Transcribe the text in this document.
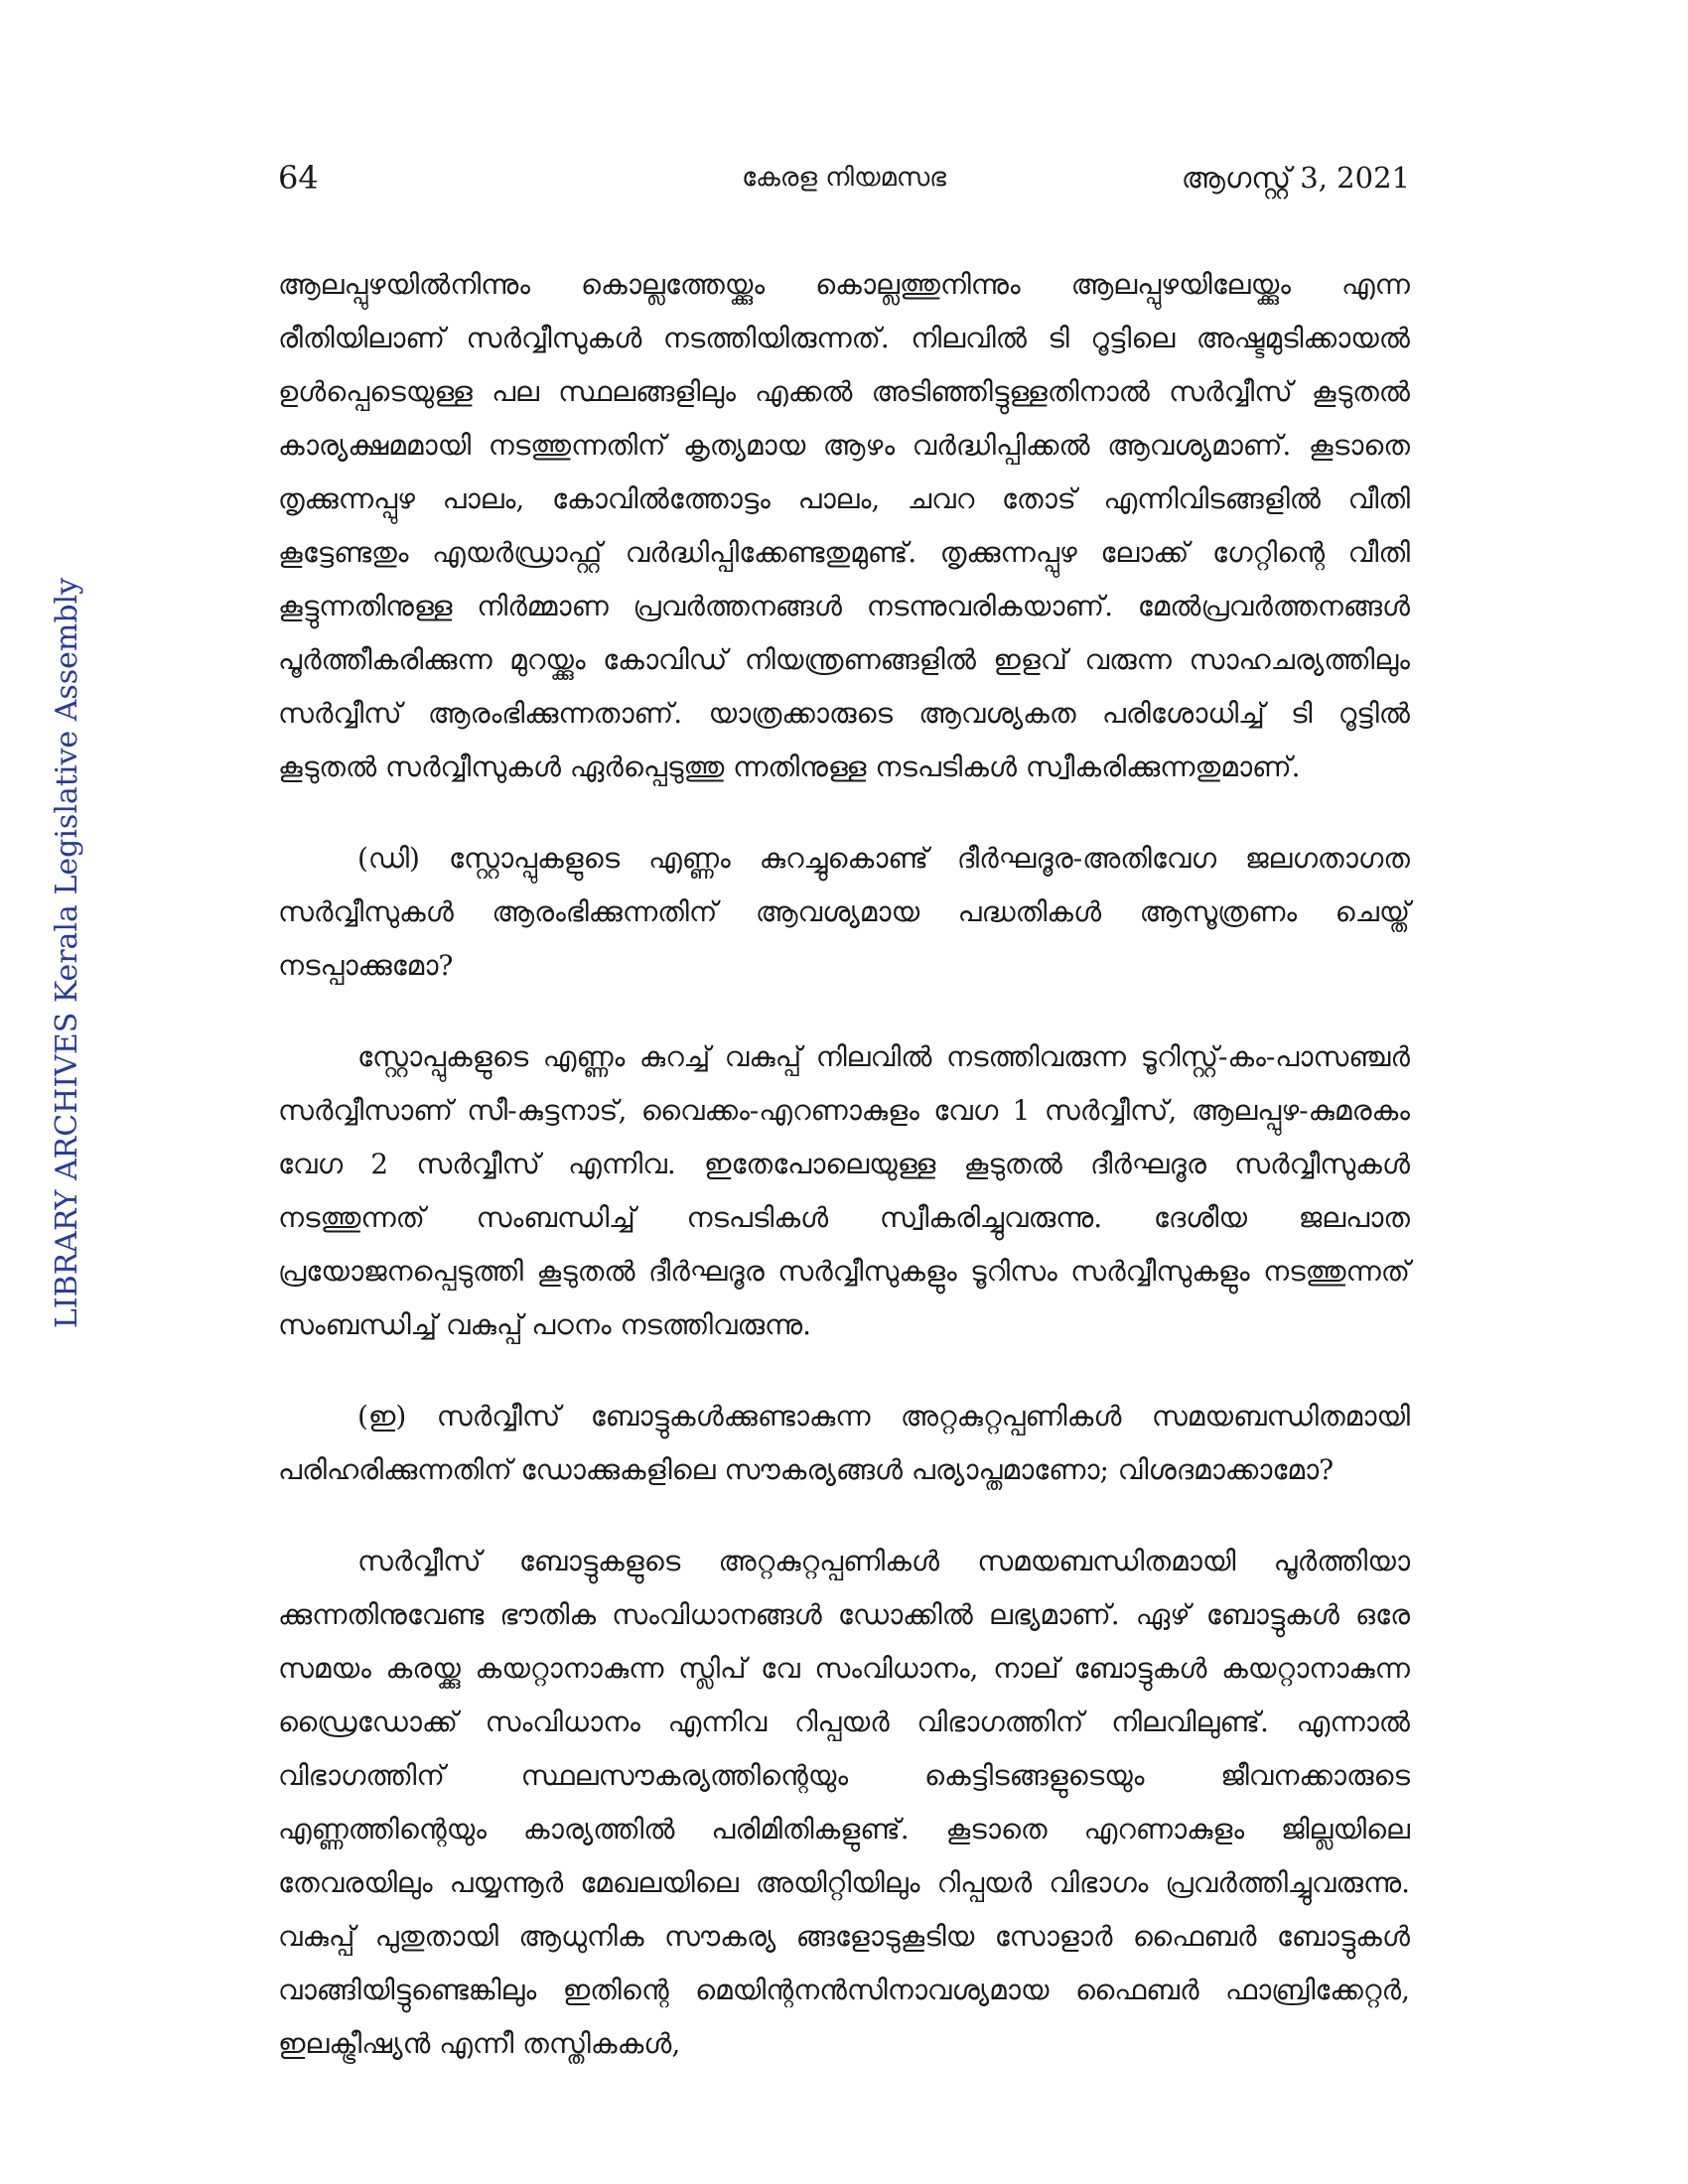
64	കേരള നിയമസഭ	ആഗസ്റ്റ് 3, 2021
LIBRARY ARCHIVES Kerala Legislative Assembly

ആലപ്പുഴയിൽനിന്നും കൊല്ലത്തേയ്ക്കും കൊല്ലത്തുനിന്നും ആലപ്പുഴയിലേയ്ക്കും എന്ന രീതിയിലാണ് സർവ്വീസുകൾ നടത്തിയിരുന്നത്. നിലവിൽ ടി റൂട്ടിലെ അഷ്ടമുടിക്കായൽ ഉൾപ്പെടെയുള്ള പല സ്ഥലങ്ങളിലും എക്കൽ അടിഞ്ഞിട്ടുള്ളതിനാൽ സർവ്വീസ് കൂടുതൽ കാര്യക്ഷമമായി നടത്തുന്നതിന് കൃത്യമായ ആഴം വർദ്ധിപ്പിക്കൽ ആവശ്യമാണ്. കൂടാതെ തൃക്കുന്നപ്പുഴ പാലം, കോവിൽത്തോട്ടം പാലം, ചവറ തോട് എന്നിവിടങ്ങളിൽ വീതി കൂട്ടേണ്ടതും എയർഡ്രാഫ്റ്റ് വർദ്ധിപ്പിക്കേണ്ടതുമുണ്ട്. തൃക്കുന്നപ്പുഴ ലോക്ക് ഗേറ്റിന്റെ വീതി കൂട്ടുന്നതിനുള്ള നിർമ്മാണ പ്രവർത്തനങ്ങൾ നടന്നുവരികയാണ്. മേൽപ്രവർത്തനങ്ങൾ പൂർത്തീകരിക്കുന്ന മുറയ്ക്കും കോവിഡ് നിയന്ത്രണങ്ങളിൽ ഇളവ് വരുന്ന സാഹചര്യത്തിലും സർവ്വീസ് ആരംഭിക്കുന്നതാണ്. യാത്രക്കാരുടെ ആവശ്യകത പരിശോധിച്ച് ടി റൂട്ടിൽ കൂടുതൽ സർവ്വീസുകൾ ഏർപ്പെടുത്തു ന്നതിനുള്ള നടപടികൾ സ്വീകരിക്കുന്നതുമാണ്.

(ഡി) സ്റ്റോപ്പുകളുടെ എണ്ണം കുറച്ചുകൊണ്ട് ദീർഘദൂര-അതിവേഗ ജലഗതാഗത സർവ്വീസുകൾ ആരംഭിക്കുന്നതിന് ആവശ്യമായ പദ്ധതികൾ ആസൂത്രണം ചെയ്ത് നടപ്പാക്കുമോ?

സ്റ്റോപ്പുകളുടെ എണ്ണം കുറച്ച് വകുപ്പ് നിലവിൽ നടത്തിവരുന്ന ടൂറിസ്റ്റ്-കം-പാസഞ്ചർ സർവ്വീസാണ് സീ-കുട്ടനാട്, വൈക്കം-എറണാകുളം വേഗ 1 സർവ്വീസ്, ആലപ്പുഴ-കുമരകം വേഗ 2 സർവ്വീസ് എന്നിവ. ഇതേപോലെയുള്ള കൂടുതൽ ദീർഘദൂര സർവ്വീസുകൾ നടത്തുന്നത് സംബന്ധിച്ച് നടപടികൾ സ്വീകരിച്ചുവരുന്നു. ദേശീയ ജലപാത പ്രയോജനപ്പെടുത്തി കൂടുതൽ ദീർഘദൂര സർവ്വീസുകളും ടൂറിസം സർവ്വീസുകളും നടത്തുന്നത് സംബന്ധിച്ച് വകുപ്പ് പഠനം നടത്തിവരുന്നു.

(ഇ) സർവ്വീസ് ബോട്ടുകൾക്കുണ്ടാകുന്ന അറ്റകുറ്റപ്പണികൾ സമയബന്ധിതമായി പരിഹരിക്കുന്നതിന് ഡോക്കുകളിലെ സൗകര്യങ്ങൾ പര്യാപ്തമാണോ; വിശദമാക്കാമോ?

സർവ്വീസ് ബോട്ടുകളുടെ അറ്റകുറ്റപ്പണികൾ സമയബന്ധിതമായി പൂർത്തിയാ ക്കുന്നതിനുവേണ്ട ഭൗതിക സംവിധാനങ്ങൾ ഡോക്കിൽ ലഭ്യമാണ്. ഏഴ് ബോട്ടുകൾ ഒരേ സമയം കരയ്ക്കു കയറ്റാനാകുന്ന സ്ലിപ് വേ സംവിധാനം, നാല് ബോട്ടുകൾ കയറ്റാനാകുന്ന ഡ്രൈഡോക്ക് സംവിധാനം എന്നിവ റിപ്പയർ വിഭാഗത്തിന് നിലവിലുണ്ട്. എന്നാൽ വിഭാഗത്തിന് സ്ഥലസൗകര്യത്തിന്റെയും കെട്ടിടങ്ങളുടെയും ജീവനക്കാരുടെ എണ്ണത്തിന്റെയും കാര്യത്തിൽ പരിമിതികളുണ്ട്. കൂടാതെ എറണാകുളം ജില്ലയിലെ തേവരയിലും പയ്യന്നൂർ മേഖലയിലെ അയിറ്റിയിലും റിപ്പയർ വിഭാഗം പ്രവർത്തിച്ചുവരുന്നു. വകുപ്പ് പുതുതായി ആധുനിക സൗകര്യ ങ്ങളോടുകൂടിയ സോളാർ ഫൈബർ ബോട്ടുകൾ വാങ്ങിയിട്ടുണ്ടെങ്കിലും ഇതിന്റെ മെയിന്റനൻസിനാവശ്യമായ ഫൈബർ ഫാബ്രിക്കേറ്റർ, ഇലക്ട്രീഷ്യൻ എന്നീ തസ്തികകൾ,
